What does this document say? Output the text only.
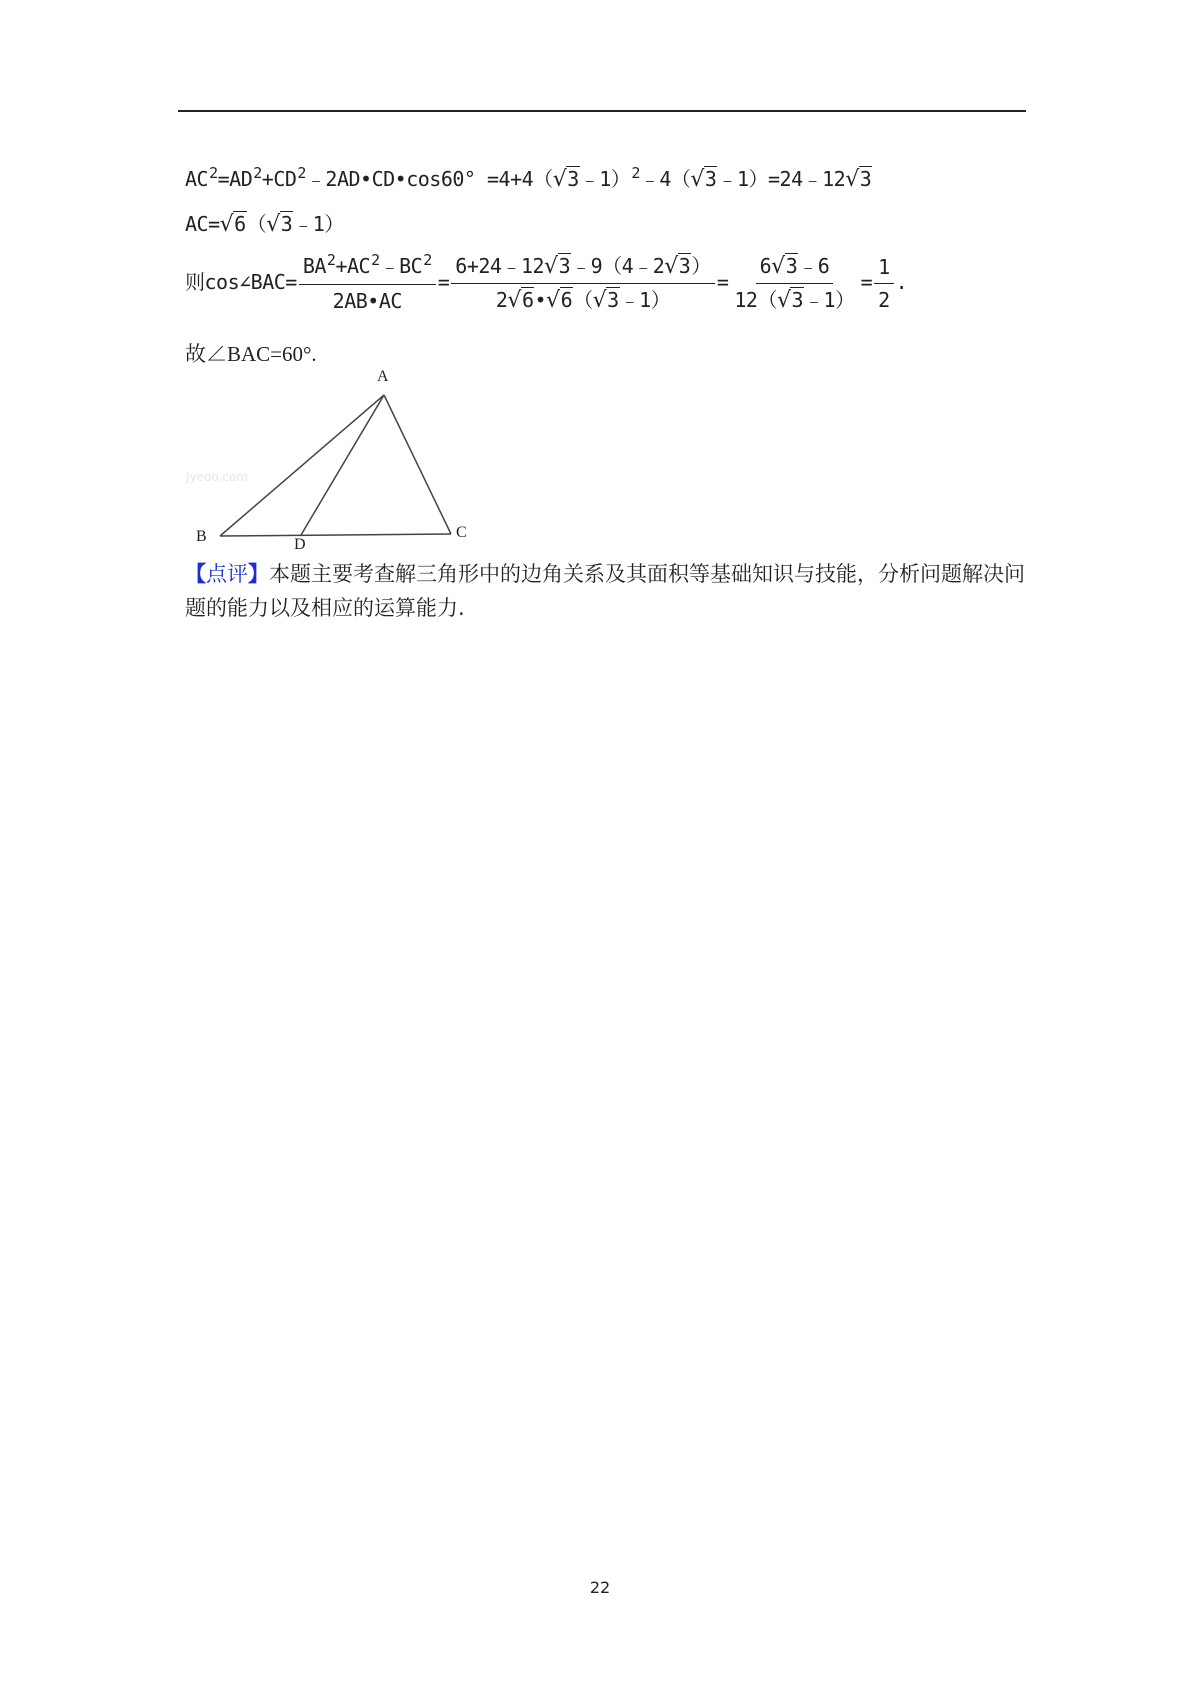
$AC^2=AD^2+CD^2﹣2AD•CD•\cos 60^\circ$ =4+4（√3﹣1）$^2$﹣4（√3﹣1）=24﹣12√3
AC=√6（√3﹣1）
则cos∠BAC= $\frac{BA^2+AC^2﹣BC^2}{2AB•AC} = \frac{6+24﹣12√3﹣9(4﹣2√3)}{2√6•√6(√3﹣1)} = \frac{6√3﹣6}{12(√3﹣1)} = \frac{1}{2}$ .
故∠BAC=60°.
A
B	C
D
Jyeoo.com
【点评】本题主要考查解三角形中的边角关系及其面积等基础知识与技能，分析问题解决问题的能力以及相应的运算能力.
22
